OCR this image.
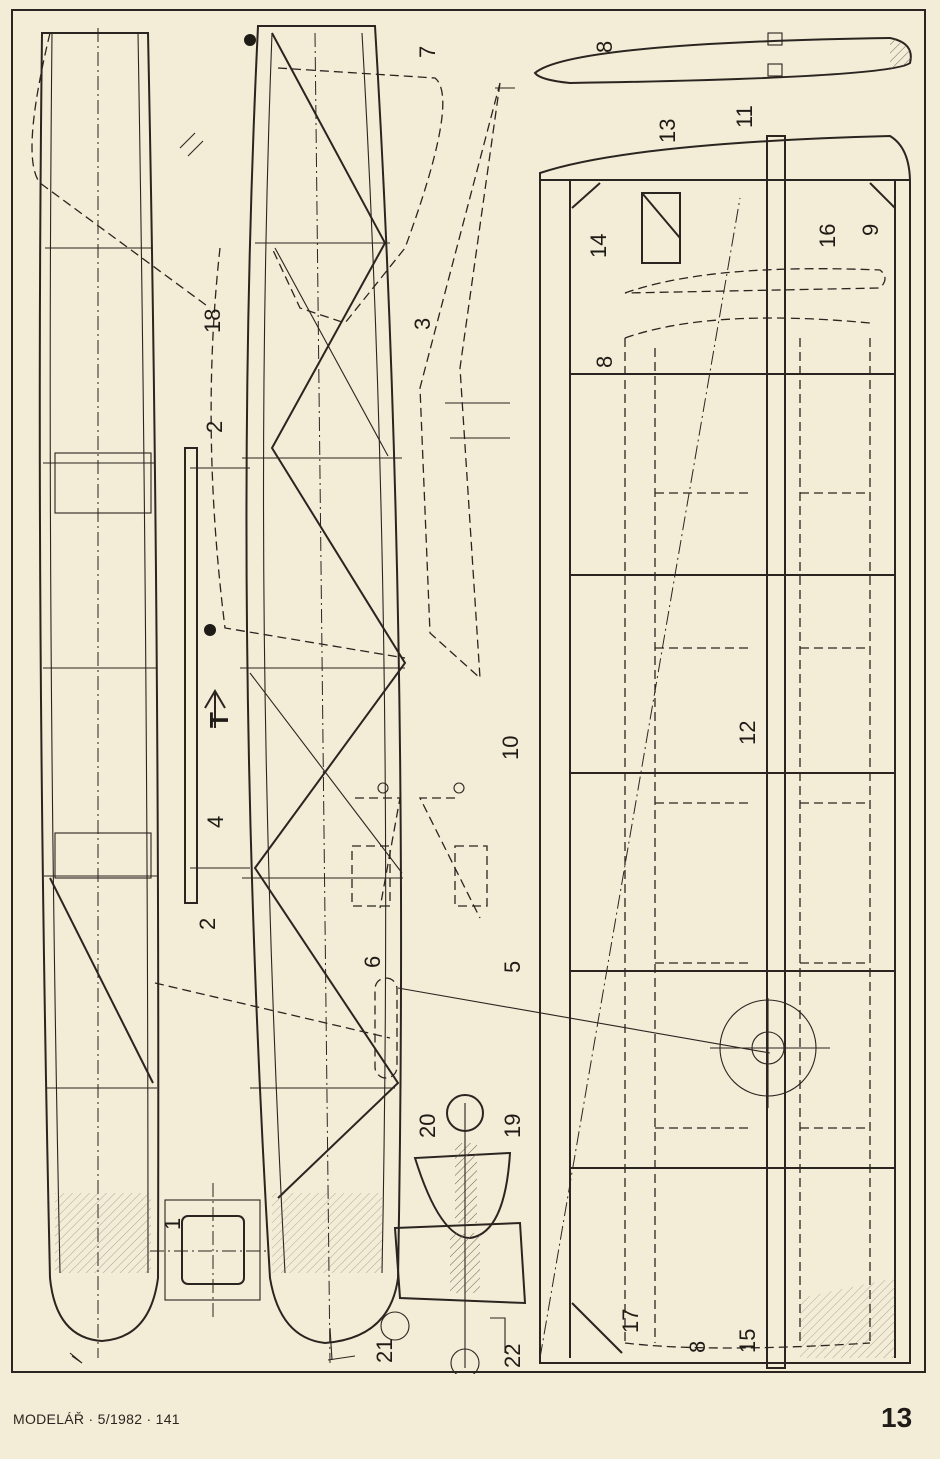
1
2
2
3
4
5
6
7	8
8
8
9
10
11
12
13
14
15
16
17
18
19
20
21	22
T
MODELÁŘ · 5/1982 · 141	13
